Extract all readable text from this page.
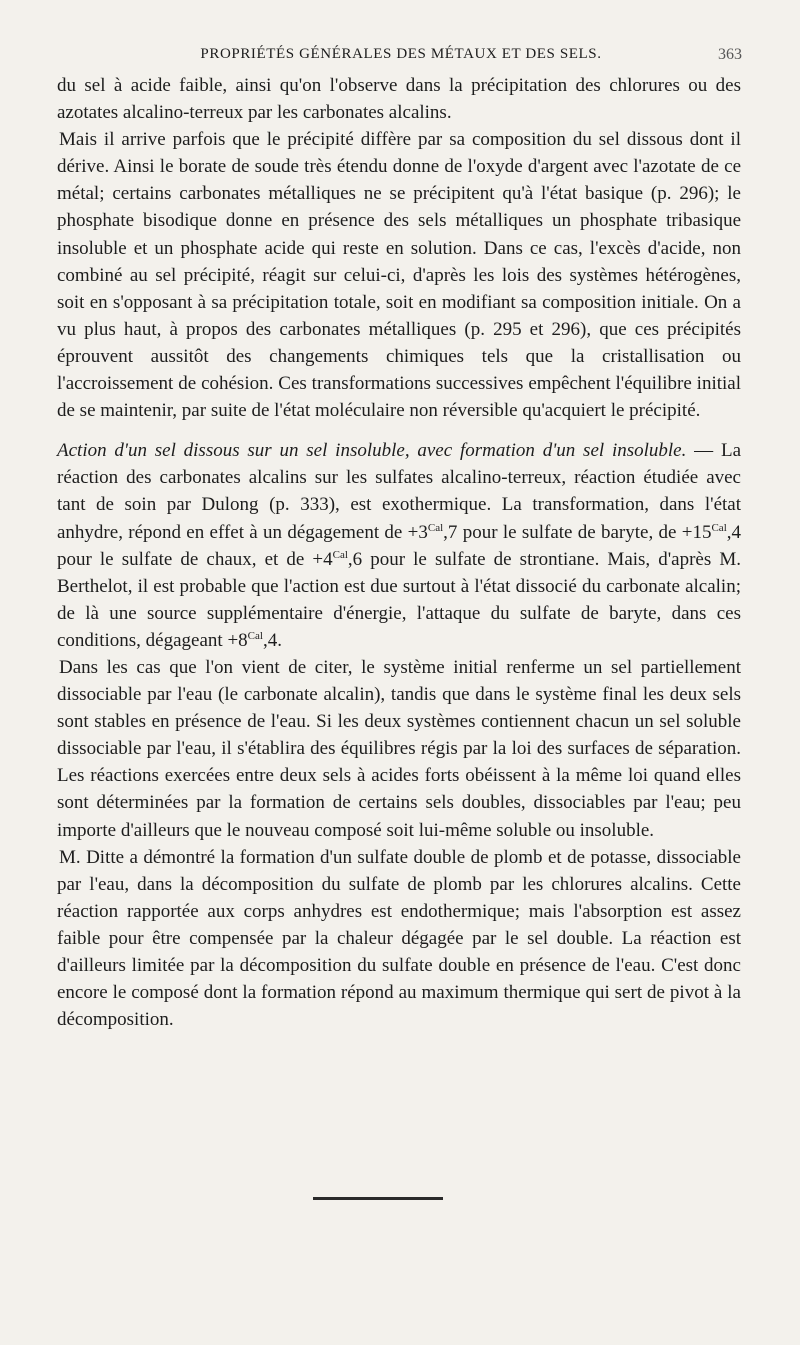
PROPRIÉTÉS GÉNÉRALES DES MÉTAUX ET DES SELS.	363

du sel à acide faible, ainsi qu'on l'observe dans la précipitation des chlorures ou des azotates alcalino-terreux par les carbonates alcalins.

Mais il arrive parfois que le précipité diffère par sa composition du sel dissous dont il dérive. Ainsi le borate de soude très étendu donne de l'oxyde d'argent avec l'azotate de ce métal; certains carbonates métalliques ne se précipitent qu'à l'état basique (p. 296); le phosphate bisodique donne en présence des sels métalliques un phosphate tribasique insoluble et un phosphate acide qui reste en solution. Dans ce cas, l'excès d'acide, non combiné au sel précipité, réagit sur celui-ci, d'après les lois des systèmes hétérogènes, soit en s'opposant à sa précipitation totale, soit en modifiant sa composition initiale. On a vu plus haut, à propos des carbonates métalliques (p. 295 et 296), que ces précipités éprouvent aussitôt des changements chimiques tels que la cristallisation ou l'accroissement de cohésion. Ces transformations successives empêchent l'équilibre initial de se maintenir, par suite de l'état moléculaire non réversible qu'acquiert le précipité.

Action d'un sel dissous sur un sel insoluble, avec formation d'un sel insoluble. — La réaction des carbonates alcalins sur les sulfates alcalino-terreux, réaction étudiée avec tant de soin par Dulong (p. 333), est exothermique. La transformation, dans l'état anhydre, répond en effet à un dégagement de $+3^{Cal},7$ pour le sulfate de baryte, de $+15^{Cal},4$ pour le sulfate de chaux, et de $+4^{Cal},6$ pour le sulfate de strontiane. Mais, d'après M. Berthelot, il est probable que l'action est due surtout à l'état dissocié du carbonate alcalin; de là une source supplémentaire d'énergie, l'attaque du sulfate de baryte, dans ces conditions, dégageant $+8^{Cal},4$.

Dans les cas que l'on vient de citer, le système initial renferme un sel partiellement dissociable par l'eau (le carbonate alcalin), tandis que dans le système final les deux sels sont stables en présence de l'eau. Si les deux systèmes contiennent chacun un sel soluble dissociable par l'eau, il s'établira des équilibres régis par la loi des surfaces de séparation. Les réactions exercées entre deux sels à acides forts obéissent à la même loi quand elles sont déterminées par la formation de certains sels doubles, dissociables par l'eau; peu importe d'ailleurs que le nouveau composé soit lui-même soluble ou insoluble.

M. Ditte a démontré la formation d'un sulfate double de plomb et de potasse, dissociable par l'eau, dans la décomposition du sulfate de plomb par les chlorures alcalins. Cette réaction rapportée aux corps anhydres est endothermique; mais l'absorption est assez faible pour être compensée par la chaleur dégagée par le sel double. La réaction est d'ailleurs limitée par la décomposition du sulfate double en présence de l'eau. C'est donc encore le composé dont la formation répond au maximum thermique qui sert de pivot à la décomposition.
